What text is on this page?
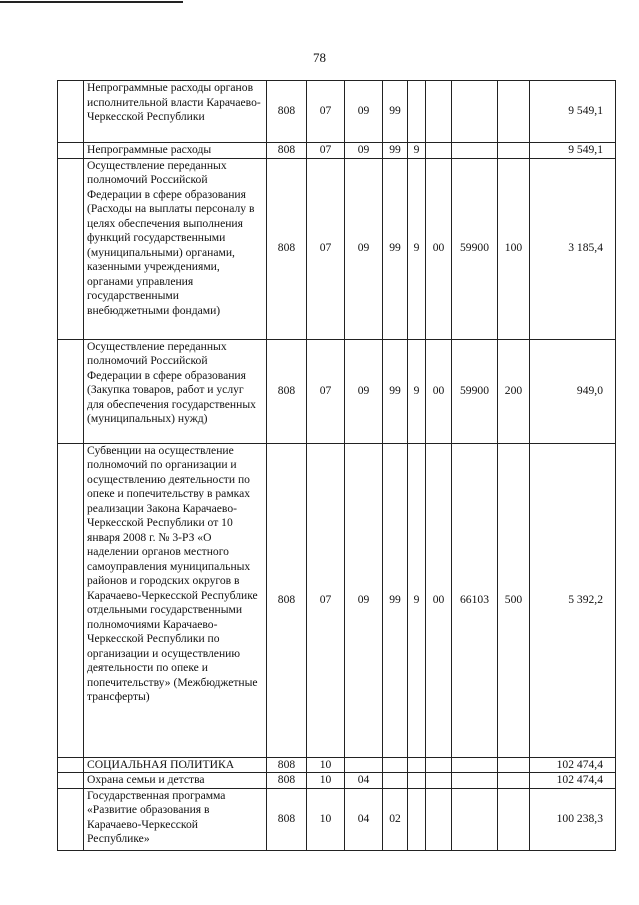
78
	Непрограммные расходы органов исполнительной власти Карачаево-Черкесской Республики	808	07	09	99					9 549,1
	Непрограммные расходы	808	07	09	99	9				9 549,1
	Осуществление переданных полномочий Российской Федерации в сфере образования (Расходы на выплаты персоналу в целях обеспечения выполнения функций государственными (муниципальными) органами, казенными учреждениями, органами управления государственными внебюджетными фондами)	808	07	09	99	9	00	59900	100	3 185,4
	Осуществление переданных полномочий Российской Федерации в сфере образования (Закупка товаров, работ и услуг для обеспечения государственных (муниципальных) нужд)	808	07	09	99	9	00	59900	200	949,0
	Субвенции на осуществление полномочий по организации и осуществлению деятельности по опеке и попечительству в рамках реализации Закона Карачаево-Черкесской Республики от 10 января 2008 г. № 3-РЗ «О наделении органов местного самоуправления муниципальных районов и городских округов в Карачаево-Черкесской Республике отдельными государственными полномочиями Карачаево-Черкесской Республики по организации и осуществлению деятельности по опеке и попечительству» (Межбюджетные трансферты)	808	07	09	99	9	00	66103	500	5 392,2
	СОЦИАЛЬНАЯ ПОЛИТИКА	808	10							102 474,4
	Охрана семьи и детства	808	10	04						102 474,4
	Государственная программа «Развитие образования в Карачаево-Черкесской Республике»	808	10	04	02					100 238,3
